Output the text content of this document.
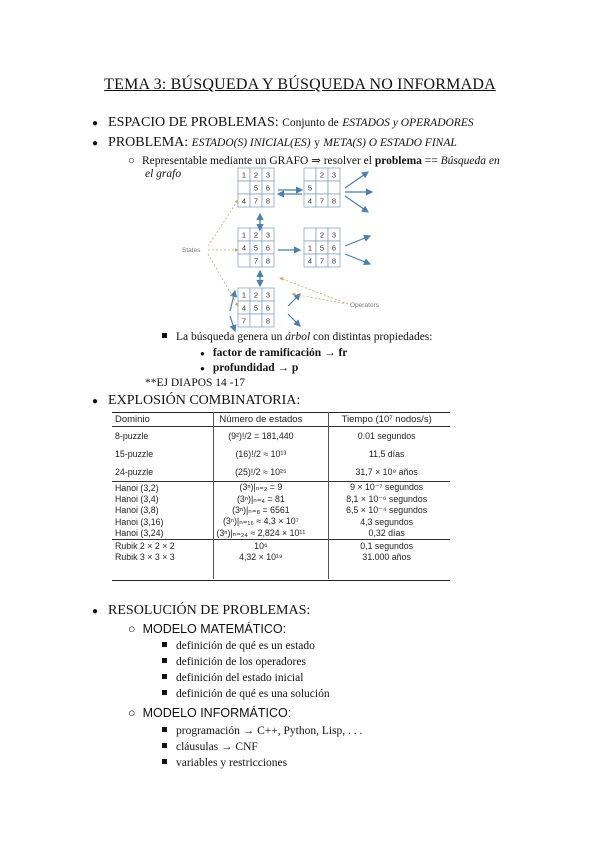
TEMA 3: BÚSQUEDA Y BÚSQUEDA NO INFORMADA
● ESPACIO DE PROBLEMAS: Conjunto de ESTADOS y OPERADORES
● PROBLEMA: ESTADO(S) INICIAL(ES) y META(S) O ESTADO FINAL
○ Representable mediante un GRAFO ⇒ resolver el problema == Búsqueda en
el grafo	1 2 3
5 6
4 7 8
2 3
5
4 7 8
1 2 3
4 5 6
7 8
2 3
1 5 6
4 7 8
1 2 3
4 5 6
7	8
States
Operators
La búsqueda genera un árbol con distintas propiedades:
● factor de ramificación → fr
● profundidad → p
**EJ DIAPOS 14 -17
● EXPLOSIÓN COMBINATORIA:
Dominio	Número de estados	Tiempo (10⁷ nodos/s)
8-puzzle	(9²)!/2 = 181,440	0.01 segundos
15-puzzle	(16)!/2 ≈ 10¹³	11,5 días
24-puzzle	(25)!/2 ≈ 10²⁵	31,7 × 10⁹ años
Hanoi (3,2)	(3ⁿ)|ₙ₌₂ = 9	9 × 10⁻⁷ segundos
Hanoi (3,4)	(3ⁿ)|ₙ₌₄ = 81	8,1 × 10⁻⁶ segundos
Hanoi (3,8)	(3ⁿ)|ₙ₌₈ = 6561	6,5 × 10⁻⁴ segundos
Hanoi (3,16)	(3ⁿ)|ₙ₌₁₆ ≈ 4,3 × 10⁷	4,3 segundos
Hanoi (3,24)	(3ⁿ)|ₙ₌₂₄ ≈ 2,824 × 10¹¹	0,32 días
Rubik 2 × 2 × 2	10⁶	0,1 segundos
Rubik 3 × 3 × 3	4,32 × 10¹⁹	31.000 años
● RESOLUCIÓN DE PROBLEMAS:
○ MODELO MATEMÁTICO:
definición de qué es un estado
definición de los operadores
definición del estado inicial
definición de qué es una solución
○ MODELO INFORMÁTICO:
programación → C++, Python, Lisp, . . .
cláusulas → CNF
variables y restricciones
